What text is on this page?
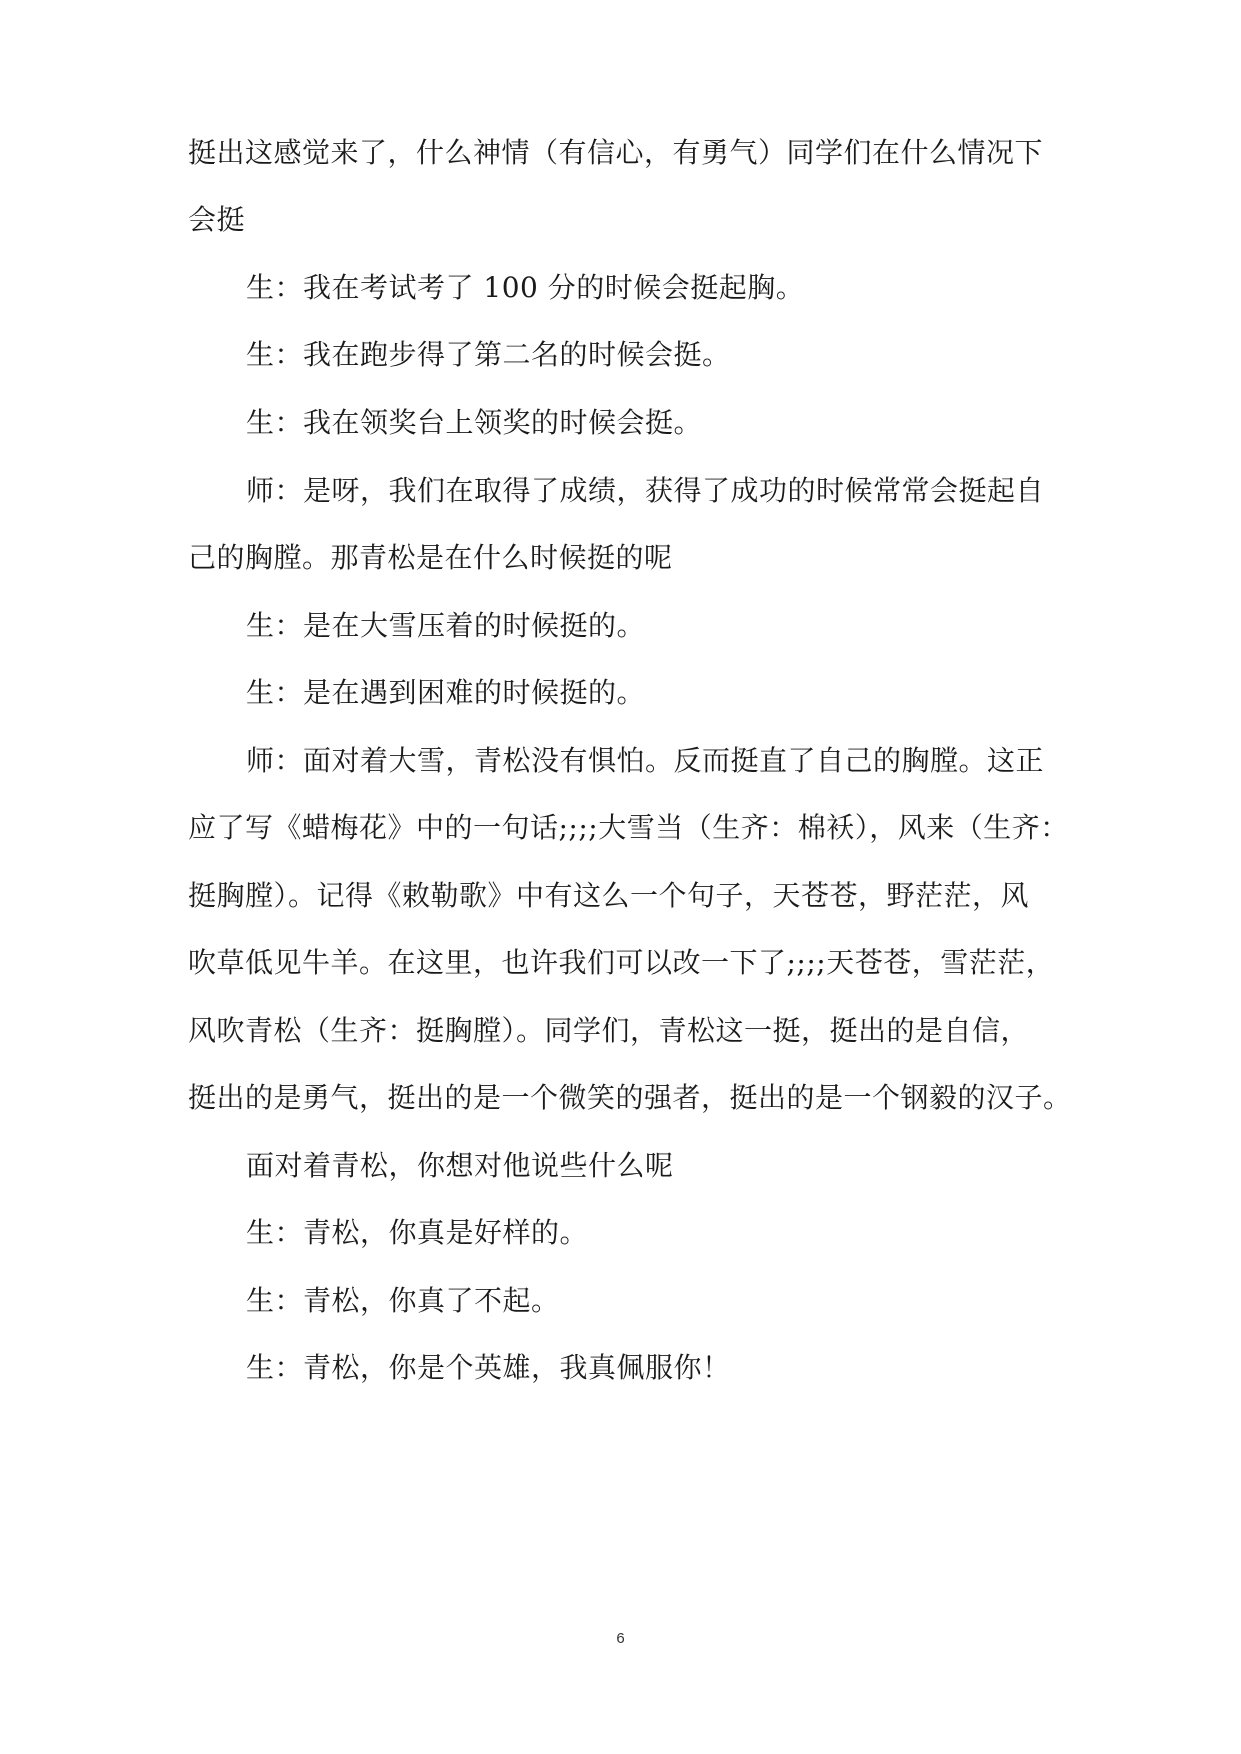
挺出这感觉来了，什么神情（有信心，有勇气）同学们在什么情况下
会挺
生：我在考试考了 100 分的时候会挺起胸。
生：我在跑步得了第二名的时候会挺。
生：我在领奖台上领奖的时候会挺。
师：是呀，我们在取得了成绩，获得了成功的时候常常会挺起自
己的胸膛。那青松是在什么时候挺的呢
生：是在大雪压着的时候挺的。
生：是在遇到困难的时候挺的。
师：面对着大雪，青松没有惧怕。反而挺直了自己的胸膛。这正
应了写《蜡梅花》中的一句话;;;;大雪当（生齐：棉袄），风来（生齐：
挺胸膛）。记得《敕勒歌》中有这么一个句子，天苍苍，野茫茫，风
吹草低见牛羊。在这里，也许我们可以改一下了;;;;天苍苍，雪茫茫，
风吹青松（生齐：挺胸膛）。同学们，青松这一挺，挺出的是自信，
挺出的是勇气，挺出的是一个微笑的强者，挺出的是一个钢毅的汉子。
面对着青松，你想对他说些什么呢
生：青松，你真是好样的。
生：青松，你真了不起。
生：青松，你是个英雄，我真佩服你！
6
